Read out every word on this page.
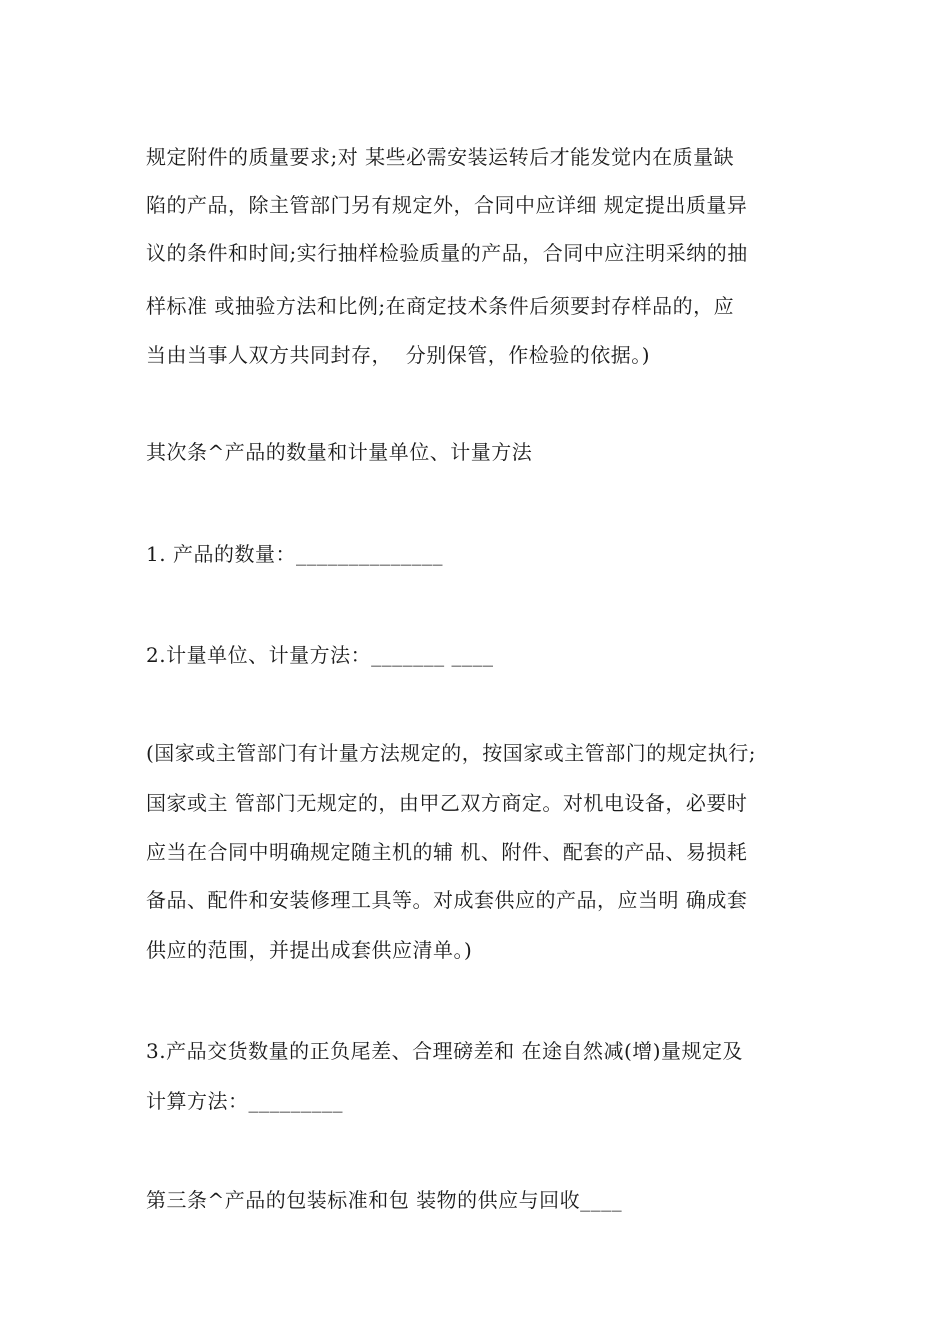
规定附件的质量要求;对 某些必需安装运转后才能发觉内在质量缺
陷的产品，除主管部门另有规定外，合同中应详细 规定提出质量异
议的条件和时间;实行抽样检验质量的产品，合同中应注明采纳的抽
样标准 或抽验方法和比例;在商定技术条件后须要封存样品的，应
当由当事人双方共同封存，  分别保管，作检验的依据。)
其次条^产品的数量和计量单位、计量方法
1. 产品的数量：______________
2.计量单位、计量方法：_______ ____
(国家或主管部门有计量方法规定的，按国家或主管部门的规定执行;
国家或主 管部门无规定的，由甲乙双方商定。对机电设备，必要时
应当在合同中明确规定随主机的辅 机、附件、配套的产品、易损耗
备品、配件和安装修理工具等。对成套供应的产品，应当明 确成套
供应的范围，并提出成套供应清单。)
3.产品交货数量的正负尾差、合理磅差和 在途自然减(增)量规定及
计算方法：_________
第三条^产品的包装标准和包 装物的供应与回收____
